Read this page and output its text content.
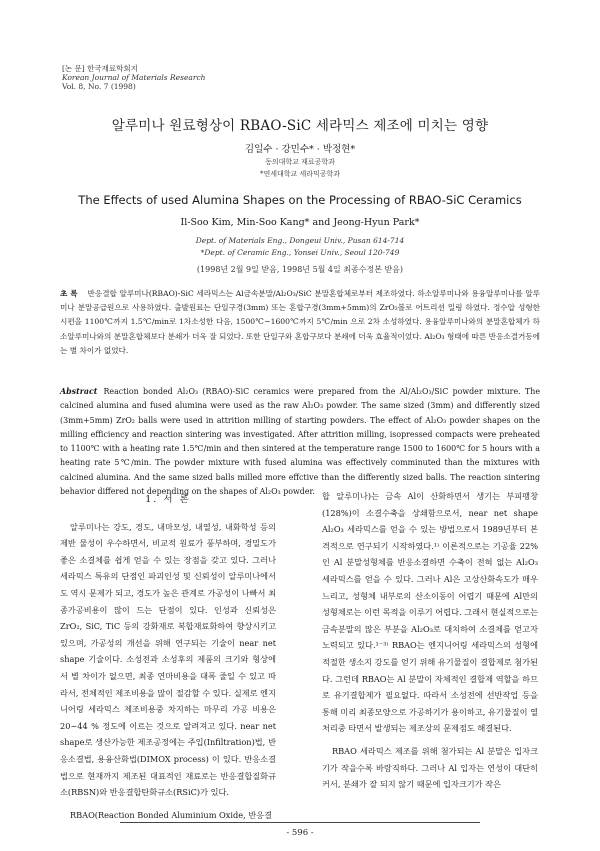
[논 문] 한국재료학회지
Korean Journal of Materials Research
Vol. 8, No. 7 (1998)
알루미나 원료형상이 RBAO-SiC 세라믹스 제조에 미치는 영향
김일수 · 강민수* · 박정현*
동의대학교 재료공학과
*연세대학교 세라믹공학과
The Effects of used Alumina Shapes on the Processing of RBAO-SiC Ceramics
Il-Soo Kim, Min-Soo Kang* and Jeong-Hyun Park*
Dept. of Materials Eng., Dongeui Univ., Pusan 614-714
*Dept. of Ceramic Eng., Yonsei Univ., Seoul 120-749
(1998년 2월 9일 받음, 1998년 5월 4일 최종수정본 받음)
초 록 반응결합 알루미나(RBAO)-SiC 세라믹스는 Al금속분말/Al₂O₃/SiC 분말혼합체로부터 제조하였다. 하소알루미나와 용융알루미나를 알루미나 분말공급원으로 사용하였다. 출발원료는 단일구경(3mm) 또는 혼합구경(3mm+5mm)의 ZrO₂볼로 어트리션 밀링 하였다. 정수압 성형한 시편을 1100℃까지 1.5℃/min로 1차소성한 다음, 1500℃~1600℃까지 5℃/min 으로 2차 소성하였다. 용융알루미나와의 분말혼합체가 하소알루미나와의 분말혼합체보다 분쇄가 더욱 잘 되었다. 또한 단일구와 혼합구보다 분쇄에 더욱 효율적이었다. Al₂O₃ 형태에 따른 반응소결거동에는 별 차이가 없었다.
Abstract Reaction bonded Al₂O₃ (RBAO)-SiC ceramics were prepared from the Al/Al₂O₃/SiC powder mixture. The calcined alumina and fused alumina were used as the raw Al₂O₃ powder. The same sized (3mm) and differently sized (3mm+5mm) ZrO₂ balls were used in attrition milling of starting powders. The effect of Al₂O₃ powder shapes on the milling efficiency and reaction sintering was investigated. After attrition milling, isopressed compacts were preheated to 1100℃ with a heating rate 1.5℃/min and then sintered at the temperature range 1500 to 1600℃ for 5 hours with a heating rate 5℃/min. The powder mixture with fused alumina was effectively comminuted than the mixtures with calcined alumina. And the same sized balls milled more effctive than the differently sized balls. The reaction sintering behavior differed not depending on the shapes of Al₂O₃ powder.
1. 서 론

알루미나는 강도, 경도, 내마모성, 내열성, 내화학성 등의 제반 물성이 우수하면서, 비교적 원료가 풍부하며, 경밀도가 좋은 소결체를 쉽게 얻을 수 있는 장점을 갖고 있다. 그러나 세라믹스 특유의 단점인 파괴인성 및 신뢰성이 알루미나에서도 역시 문제가 되고, 경도가 높은 관계로 가공성이 나빠서 최종가공비용이 많이 드는 단점이 있다. 인성과 신뢰성은 ZrO₂, SiC, TiC 등의 강화재로 복합재료화하여 향상시키고 있으며, 가공성의 개선을 위해 연구되는 기술이 near net shape 기술이다. 소성전과 소성후의 제품의 크기와 형상에서 별 차이가 없으면, 최종 연마비용을 대폭 줄일 수 있고 따라서, 전체적인 제조비용을 많이 절감할 수 있다. 실제로 엔지니어링 세라믹스 제조비용중 차지하는 마무리 가공 비용은 20~44 % 정도에 이르는 것으로 알려져고 있다. near net shape로 생산가능한 제조공정에는 주입(Infiltration)법, 반응소결법, 용융산화법(DIMOX process) 이 있다. 반응소결법으로 현재까지 제조된 대표적인 재료로는 반응결합질화규소(RBSN)와 반응결합탄화규소(RSiC)가 있다.

RBAO(Reaction Bonded Aluminium Oxide, 반응결

합 알루미나)는 금속 Al이 산화하면서 생기는 부피팽창(128%)이 소결수축을 상쇄함으로서, near net shape Al₂O₃ 세라믹스를 얻을 수 있는 방법으로서 1989년부터 본격적으로 연구되기 시작하였다.¹⁾ 이론적으로는 기공율 22%인 Al 분말성형체를 반응소결하면 수축이 전혀 없는 Al₂O₃ 세라믹스를 얻을 수 있다. 그러나 Al은 고상산화속도가 매우 느리고, 성형체 내부로의 산소이동이 어렵기 때문에 Al만의 성형체로는 이런 목적을 이루기 어렵다. 그래서 현실적으로는 금속분말의 많은 부분을 Al₂O₃로 대치하여 소결체를 얻고자 노력되고 있다.¹⁻³⁾ RBAO는 엔지니어링 세라믹스의 성형에 적절한 생소지 강도를 얻기 위해 유기물질이 결합제로 첨가된다. 그런데 RBAO는 Al 분말이 자체적인 결합제 역할을 하므로 유기결합제가 필요없다. 따라서 소성전에 선반작업 등을 통해 미리 최종모양으로 가공하기가 용이하고, 유기물질이 열처리중 타면서 발생되는 제조상의 문제점도 해결된다.

RBAO 세라믹스 제조를 위해 첨가되는 Al 분말은 입자크기가 작을수록 바람직하다. 그러나 Al 입자는 연성이 대단히 커서, 분쇄가 잘 되지 않기 때문에 입자크기가 작은

- 596 -
